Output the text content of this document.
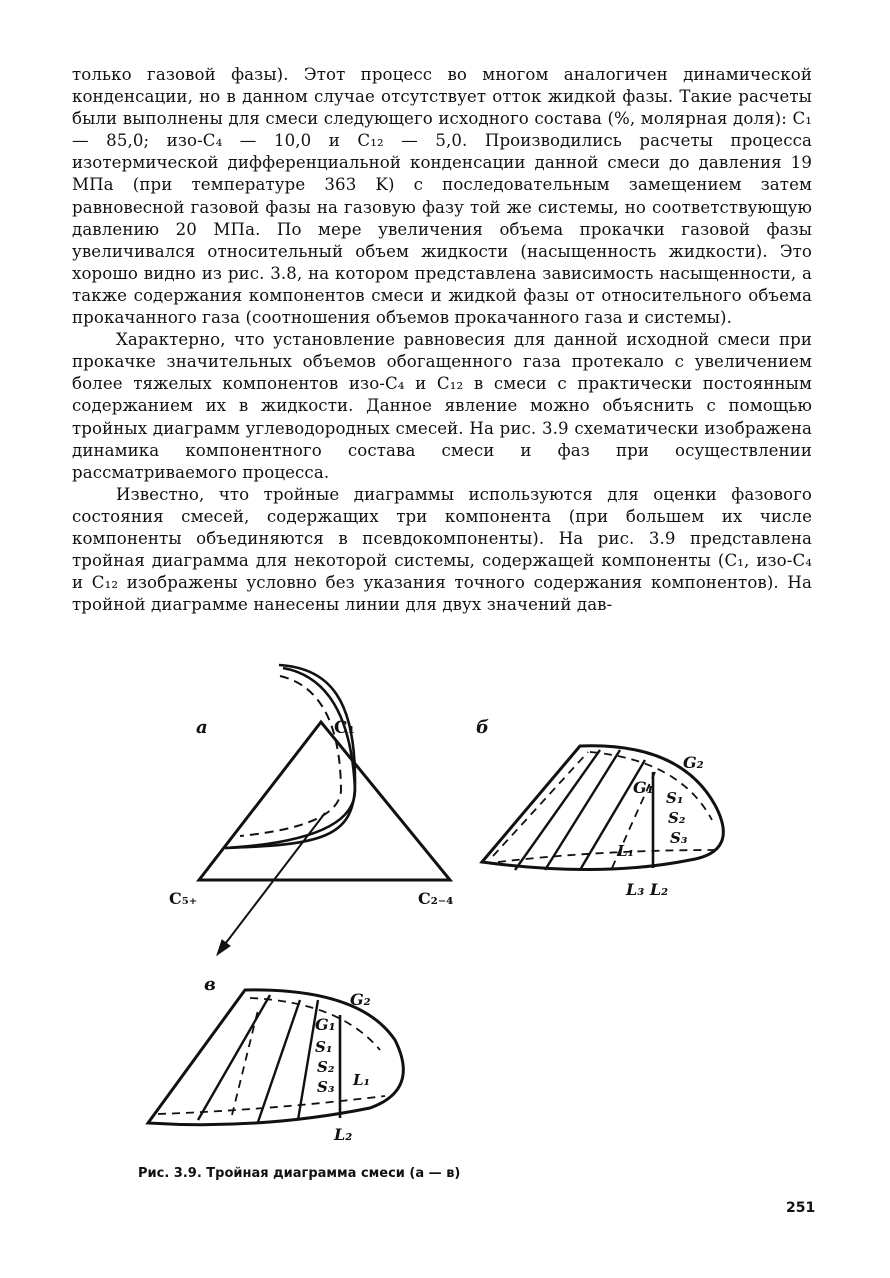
только газовой фазы). Этот процесс во многом аналогичен динамической конденсации, но в данном случае отсутствует отток жидкой фазы. Такие расчеты были выполнены для смеси следующего исходного состава (%, молярная доля): C₁ — 85,0; изо-C₄ — 10,0 и C₁₂ — 5,0. Производились расчеты процесса изотермической дифференциальной конденсации данной смеси до давления 19 МПа (при температуре 363 K) с последовательным замещением затем равновесной газовой фазы на газовую фазу той же системы, но соответствующую давлению 20 МПа. По мере увеличения объема прокачки газовой фазы увеличивался относительный объем жидкости (насыщенность жидкости). Это хорошо видно из рис. 3.8, на котором представлена зависимость насыщенности, а также содержания компонентов смеси и жидкой фазы от относительного объема прокачанного газа (соотношения объемов прокачанного газа и системы).

Характерно, что установление равновесия для данной исходной смеси при прокачке значительных объемов обогащенного газа протекало с увеличением более тяжелых компонентов изо-C₄ и C₁₂ в смеси с практически постоянным содержанием их в жидкости. Данное явление можно объяснить с помощью тройных диаграмм углеводородных смесей. На рис. 3.9 схематически изображена динамика компонентного состава смеси и фаз при осуществлении рассматриваемого процесса.

Известно, что тройные диаграммы используются для оценки фазового состояния смесей, содержащих три компонента (при большем их числе компоненты объединяются в псевдокомпоненты). На рис. 3.9 представлена тройная диаграмма для некоторой системы, содержащей компоненты (C₁, изо-C₄ и C₁₂ изображены условно без указания точного содержания компонентов). На тройной диаграмме нанесены линии для двух значений дав-

а	C₁
C₅₊	C₂₋₄
б
G₂
G₁
S₁
S₂
S₃
L₁
L₃ L₂
в
G₂
G₁
S₁
S₂
S₃ L₁
L₂
Рис. 3.9. Тройная диаграмма смеси (а — в)
251
